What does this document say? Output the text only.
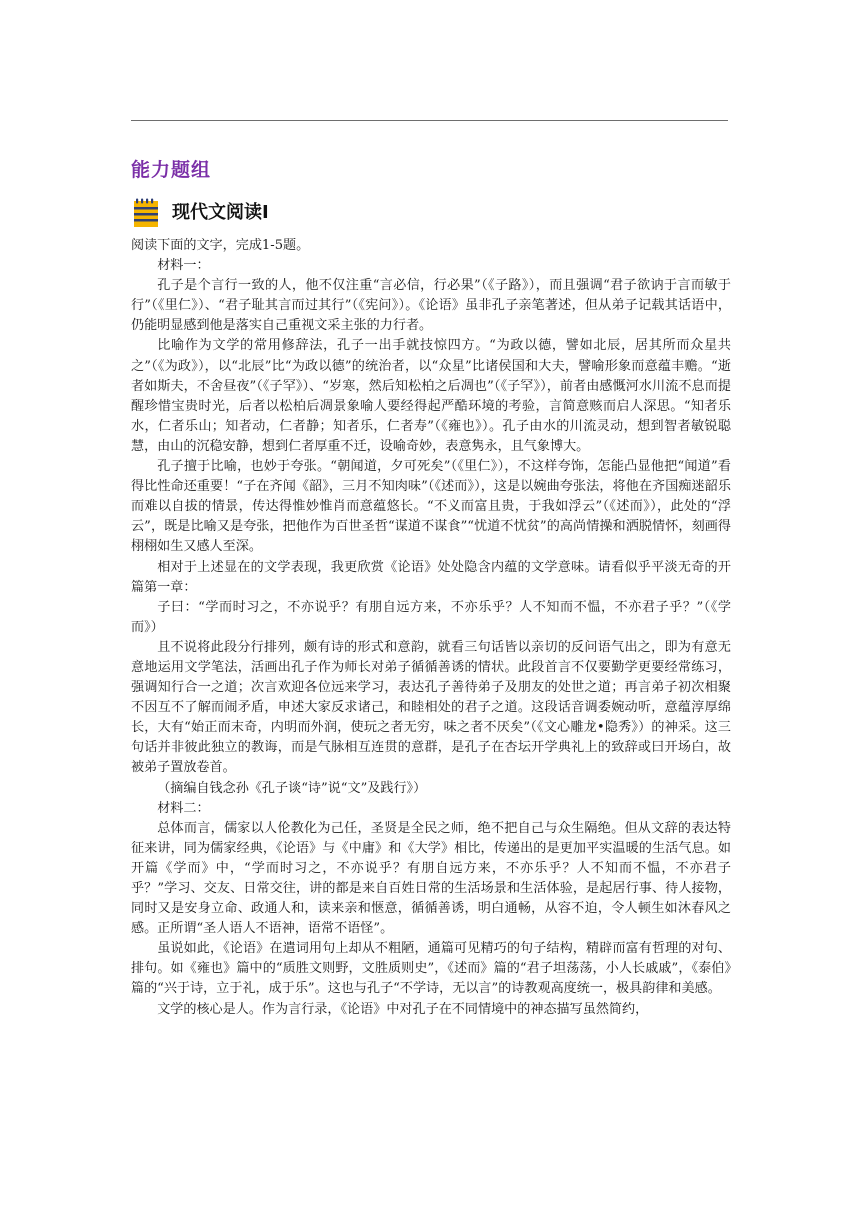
能力题组
现代文阅读Ⅰ

阅读下面的文字，完成1-5题。

材料一：

孔子是个言行一致的人，他不仅注重“言必信，行必果”（《子路》），而且强调“君子欲讷于言而敏于行”（《里仁》）、“君子耻其言而过其行”（《宪问》）。《论语》虽非孔子亲笔著述，但从弟子记载其话语中，仍能明显感到他是落实自己重视文采主张的力行者。

比喻作为文学的常用修辞法，孔子一出手就技惊四方。“为政以德，譬如北辰，居其所而众星共之”（《为政》），以“北辰”比“为政以德”的统治者，以“众星”比诸侯国和大夫，譬喻形象而意蕴丰赡。“逝者如斯夫，不舍昼夜”（《子罕》）、“岁寒，然后知松柏之后凋也”（《子罕》），前者由感慨河水川流不息而提醒珍惜宝贵时光，后者以松柏后凋景象喻人要经得起严酷环境的考验，言简意赅而启人深思。“知者乐水，仁者乐山；知者动，仁者静；知者乐，仁者寿”（《雍也》）。孔子由水的川流灵动，想到智者敏锐聪慧，由山的沉稳安静，想到仁者厚重不迁，设喻奇妙，表意隽永，且气象博大。

孔子擅于比喻，也妙于夸张。“朝闻道，夕可死矣”（《里仁》），不这样夸饰，怎能凸显他把“闻道”看得比性命还重要！“子在齐闻《韶》，三月不知肉味”（《述而》），这是以婉曲夸张法，将他在齐国痴迷韶乐而难以自拔的情景，传达得惟妙惟肖而意蕴悠长。“不义而富且贵，于我如浮云”（《述而》），此处的“浮云”，既是比喻又是夸张，把他作为百世圣哲“谋道不谋食”“忧道不忧贫”的高尚情操和洒脱情怀，刻画得栩栩如生又感人至深。

相对于上述显在的文学表现，我更欣赏《论语》处处隐含内蕴的文学意味。请看似乎平淡无奇的开篇第一章：

子曰：“学而时习之，不亦说乎？有朋自远方来，不亦乐乎？人不知而不愠，不亦君子乎？”（《学而》）

且不说将此段分行排列，颇有诗的形式和意韵，就看三句话皆以亲切的反问语气出之，即为有意无意地运用文学笔法，活画出孔子作为师长对弟子循循善诱的情状。此段首言不仅要勤学更要经常练习，强调知行合一之道；次言欢迎各位远来学习，表达孔子善待弟子及朋友的处世之道；再言弟子初次相聚不因互不了解而闹矛盾，申述大家反求诸己，和睦相处的君子之道。这段话音调委婉动听，意蕴淳厚绵长，大有“始正而末奇，内明而外润，使玩之者无穷，味之者不厌矣”（《文心雕龙•隐秀》）的神采。这三句话并非彼此独立的教诲，而是气脉相互连贯的意群，是孔子在杏坛开学典礼上的致辞或曰开场白，故被弟子置放卷首。

（摘编自钱念孙《孔子谈“诗”说“文”及践行》）

材料二：

总体而言，儒家以人伦教化为己任，圣贤是全民之师，绝不把自己与众生隔绝。但从文辞的表达特征来讲，同为儒家经典，《论语》与《中庸》和《大学》相比，传递出的是更加平实温暖的生活气息。如开篇《学而》中，“学而时习之，不亦说乎？有朋自远方来，不亦乐乎？人不知而不愠，不亦君子乎？”学习、交友、日常交往，讲的都是来自百姓日常的生活场景和生活体验，是起居行事、待人接物，同时又是安身立命、政通人和，读来亲和惬意，循循善诱，明白通畅，从容不迫，令人顿生如沐春风之感。正所谓“圣人语人不语神，语常不语怪”。

虽说如此，《论语》在遣词用句上却从不粗陋，通篇可见精巧的句子结构，精辟而富有哲理的对句、排句。如《雍也》篇中的“质胜文则野，文胜质则史”，《述而》篇的“君子坦荡荡，小人长戚戚”，《泰伯》篇的“兴于诗，立于礼，成于乐”。这也与孔子“不学诗，无以言”的诗教观高度统一，极具韵律和美感。

文学的核心是人。作为言行录，《论语》中对孔子在不同情境中的神态描写虽然简约，
